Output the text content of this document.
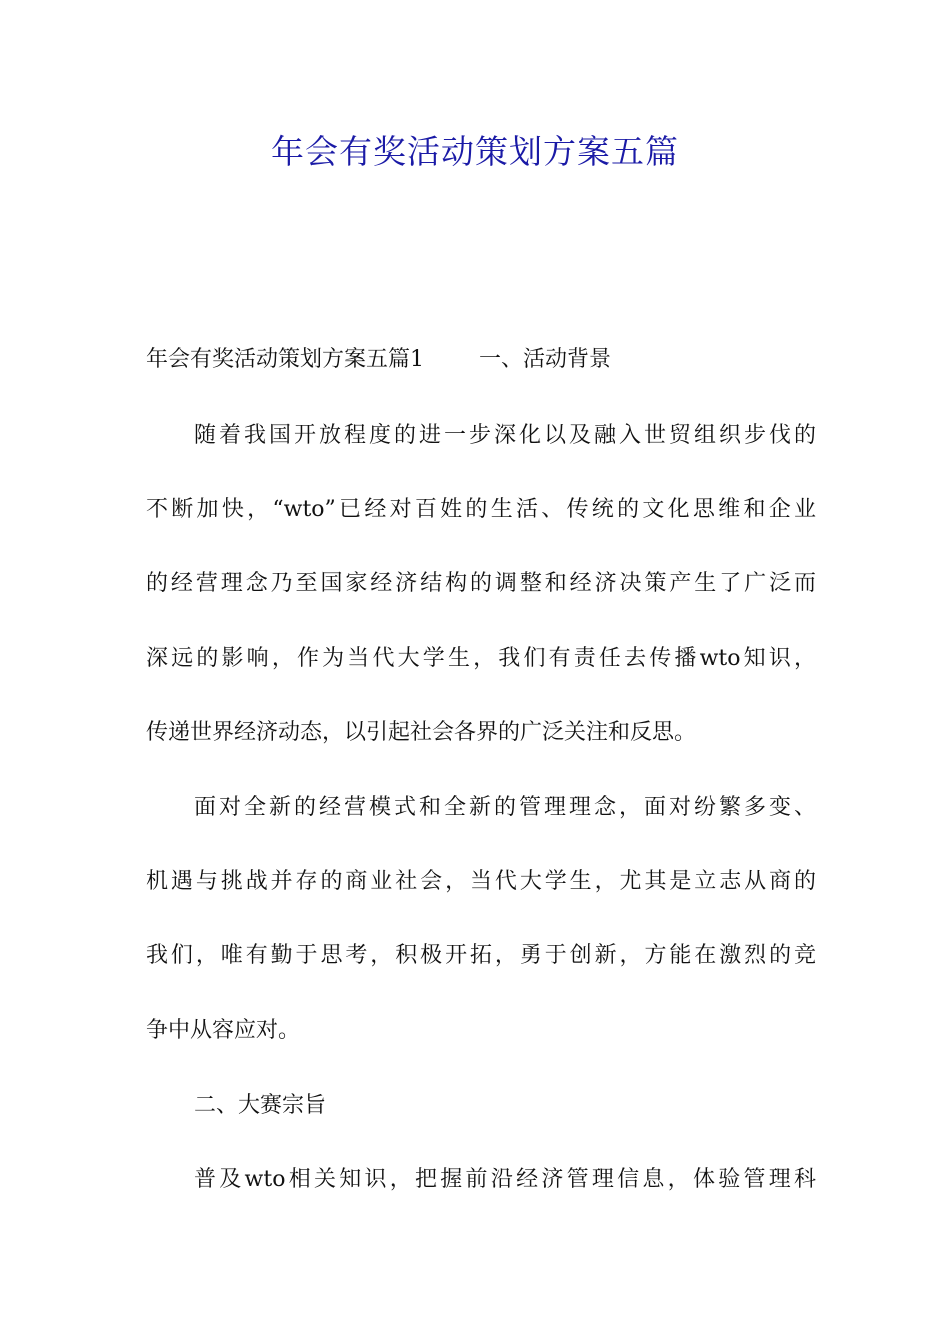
年会有奖活动策划方案五篇

年会有奖活动策划方案五篇1	一、活动背景

随着我国开放程度的进一步深化以及融入世贸组织步伐的

不断加快，“wto”已经对百姓的生活、传统的文化思维和企业

的经营理念乃至国家经济结构的调整和经济决策产生了广泛而

深远的影响，作为当代大学生，我们有责任去传播wto知识，

传递世界经济动态，以引起社会各界的广泛关注和反思。

面对全新的经营模式和全新的管理理念，面对纷繁多变、

机遇与挑战并存的商业社会，当代大学生，尤其是立志从商的

我们，唯有勤于思考，积极开拓，勇于创新，方能在激烈的竞

争中从容应对。

二、大赛宗旨

普及wto相关知识，把握前沿经济管理信息，体验管理科
